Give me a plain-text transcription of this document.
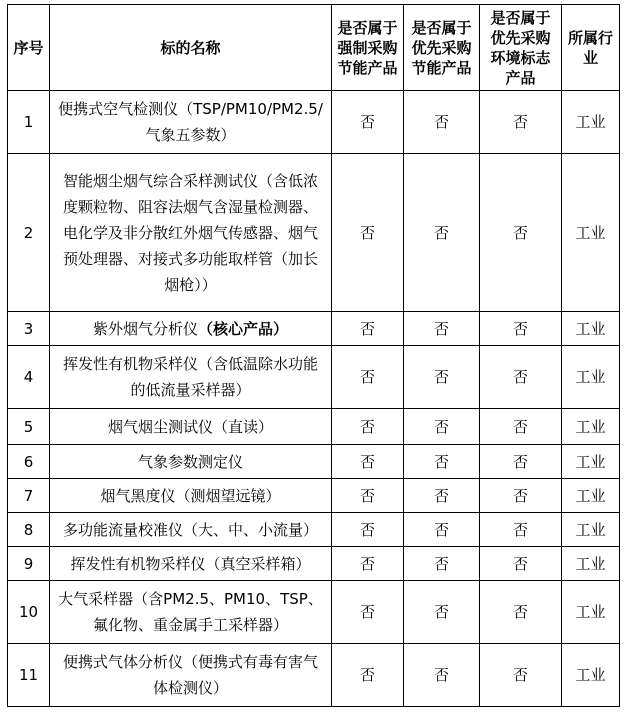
序号	标的名称	是否属于强制采购节能产品	是否属于优先采购节能产品	是否属于优先采购环境标志产品	所属行业
1	便携式空气检测仪（TSP/PM10/PM2.5/气象五参数）	否	否	否	工业
2	智能烟尘烟气综合采样测试仪（含低浓度颗粒物、阻容法烟气含湿量检测器、电化学及非分散红外烟气传感器、烟气预处理器、对接式多功能取样管（加长烟枪））	否	否	否	工业
3	紫外烟气分析仪（核心产品）	否	否	否	工业
4	挥发性有机物采样仪（含低温除水功能的低流量采样器）	否	否	否	工业
5	烟气烟尘测试仪（直读）	否	否	否	工业
6	气象参数测定仪	否	否	否	工业
7	烟气黑度仪（测烟望远镜）	否	否	否	工业
8	多功能流量校准仪（大、中、小流量）	否	否	否	工业
9	挥发性有机物采样仪（真空采样箱）	否	否	否	工业
10	大气采样器（含PM2.5、PM10、TSP、氟化物、重金属手工采样器）	否	否	否	工业
11	便携式气体分析仪（便携式有毒有害气体检测仪）	否	否	否	工业
